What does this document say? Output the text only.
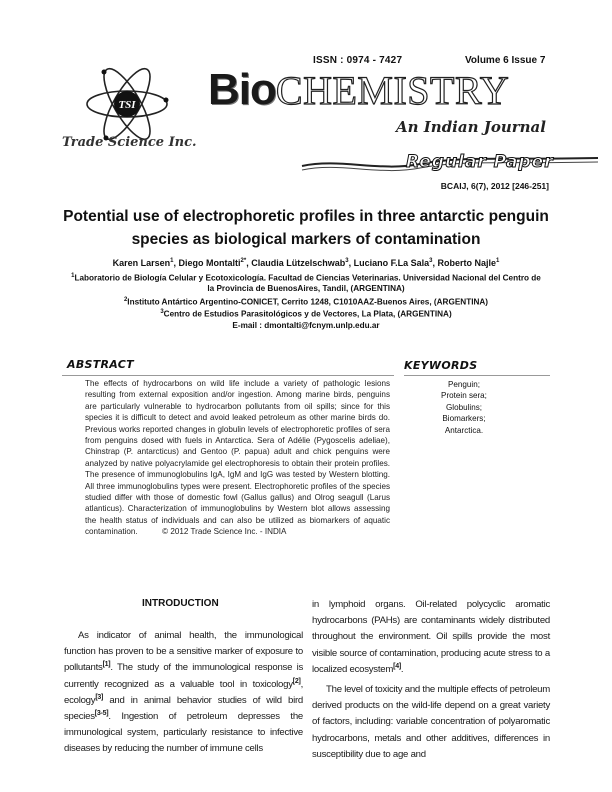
ISSN : 0974 - 7427	Volume 6 Issue 7
TSI
Trade Science Inc.
BioCHEMISTRY
An Indian Journal
Regular Paper
BCAIJ, 6(7), 2012 [246-251]
Potential use of electrophoretic profiles in three antarctic penguin
species as biological markers of contamination
Karen Larsen$^1$, Diego Montalti$^{2*}$, Claudia Lützelschwab$^3$, Luciano F.La Sala$^3$, Roberto Najle$^1$
$^1$Laboratorio de Biología Celular y Ecotoxicología. Facultad de Ciencias Veterinarias. Universidad Nacional del Centro de
la Provincia de BuenosAires, Tandil, (ARGENTINA)
$^2$Instituto Antártico Argentino-CONICET, Cerrito 1248, C1010AAZ-Buenos Aires, (ARGENTINA)
$^3$Centro de Estudios Parasitológicos y de Vectores, La Plata, (ARGENTINA)
E-mail : dmontalti@fcnym.unlp.edu.ar
ABSTRACT	KEYWORDS
The effects of hydrocarbons on wild life include a variety of pathologic lesions resulting from external exposition and/or ingestion. Among marine birds, penguins are particularly vulnerable to hydrocarbon pollutants from oil spills; since for this species it is difficult to detect and avoid leaked petroleum as other marine birds do. Previous works reported changes in globulin levels of electrophoretic profiles of sera from penguins dosed with fuels in Antarctica. Sera of Adélie (Pygoscelis adeliae), Chinstrap (P. antarcticus) and Gentoo (P. papua) adult and chick penguins were analyzed by native polyacrylamide gel electrophoresis to obtain their protein profiles. The presence of immunoglobulins IgA, IgM and IgG was tested by Western blotting. All three immunoglobulins types were present. Electrophoretic profiles of the species studied differ with those of domestic fowl (Gallus gallus) and Olrog seagull (Larus atlanticus). Characterization of immunoglobulins by Western blot allows assessing the health status of individuals and can also be utilized as biomarkers of aquatic contamination.	© 2012 Trade Science Inc. - INDIA
Penguin;
Protein sera;
Globulins;
Biomarkers;
Antarctica.
INTRODUCTION
As indicator of animal health, the immunological function has proven to be a sensitive marker of exposure to pollutants[1]. The study of the immunological response is currently recognized as a valuable tool in toxicology[2], ecology[3] and in animal behavior studies of wild bird species[3-5]. Ingestion of petroleum depresses the immunological system, particularly resistance to infective diseases by reducing the number of immune cells
in lymphoid organs. Oil-related polycyclic aromatic hydrocarbons (PAHs) are contaminants widely distributed throughout the environment. Oil spills provide the most visible source of contamination, producing acute stress to a localized ecosystem[4].
The level of toxicity and the multiple effects of petroleum derived products on the wild-life depend on a great variety of factors, including: variable concentration of polyaromatic hydrocarbons, metals and other additives, differences in susceptibility due to age and
